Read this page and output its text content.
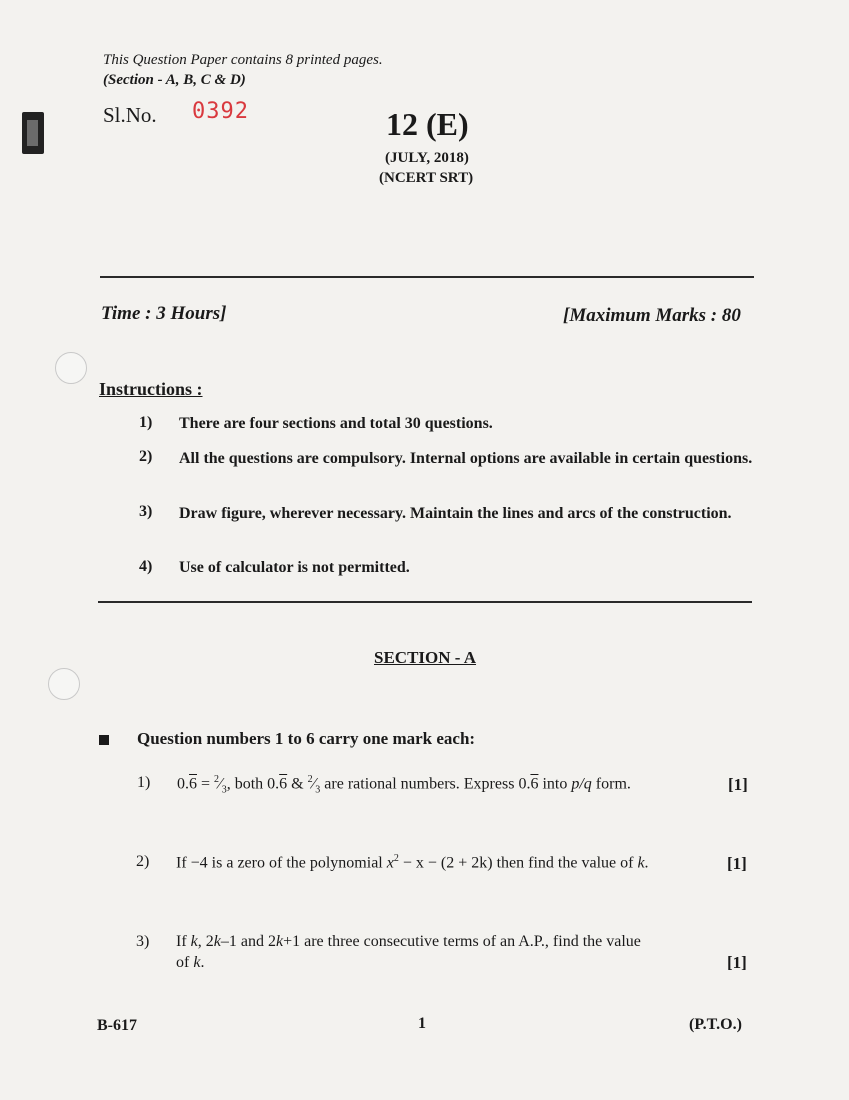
This Question Paper contains 8 printed pages.
(Section - A, B, C & D)
Sl.No. 0392	12 (E)
(JULY, 2018)
(NCERT SRT)
Time : 3 Hours]	[Maximum Marks : 80
Instructions :
1) There are four sections and total 30 questions.
2) All the questions are compulsory. Internal options are available in certain questions.
3) Draw figure, wherever necessary. Maintain the lines and arcs of the construction.
4) Use of calculator is not permitted.
SECTION - A
Question numbers 1 to 6 carry one mark each:
1) $0.6 = ^2⁄_3$, both 0.6 & $^2⁄_3$ are rational numbers. Express 0.6 into p/q form.	[1]
2) If −4 is a zero of the polynomial $x^2 - x - (2 + 2k)$ then find the value of k.	[1]
3) If k, 2k–1 and 2k+1 are three consecutive terms of an A.P., find the value
of k.	[1]
B-617	1	(P.T.O.)
